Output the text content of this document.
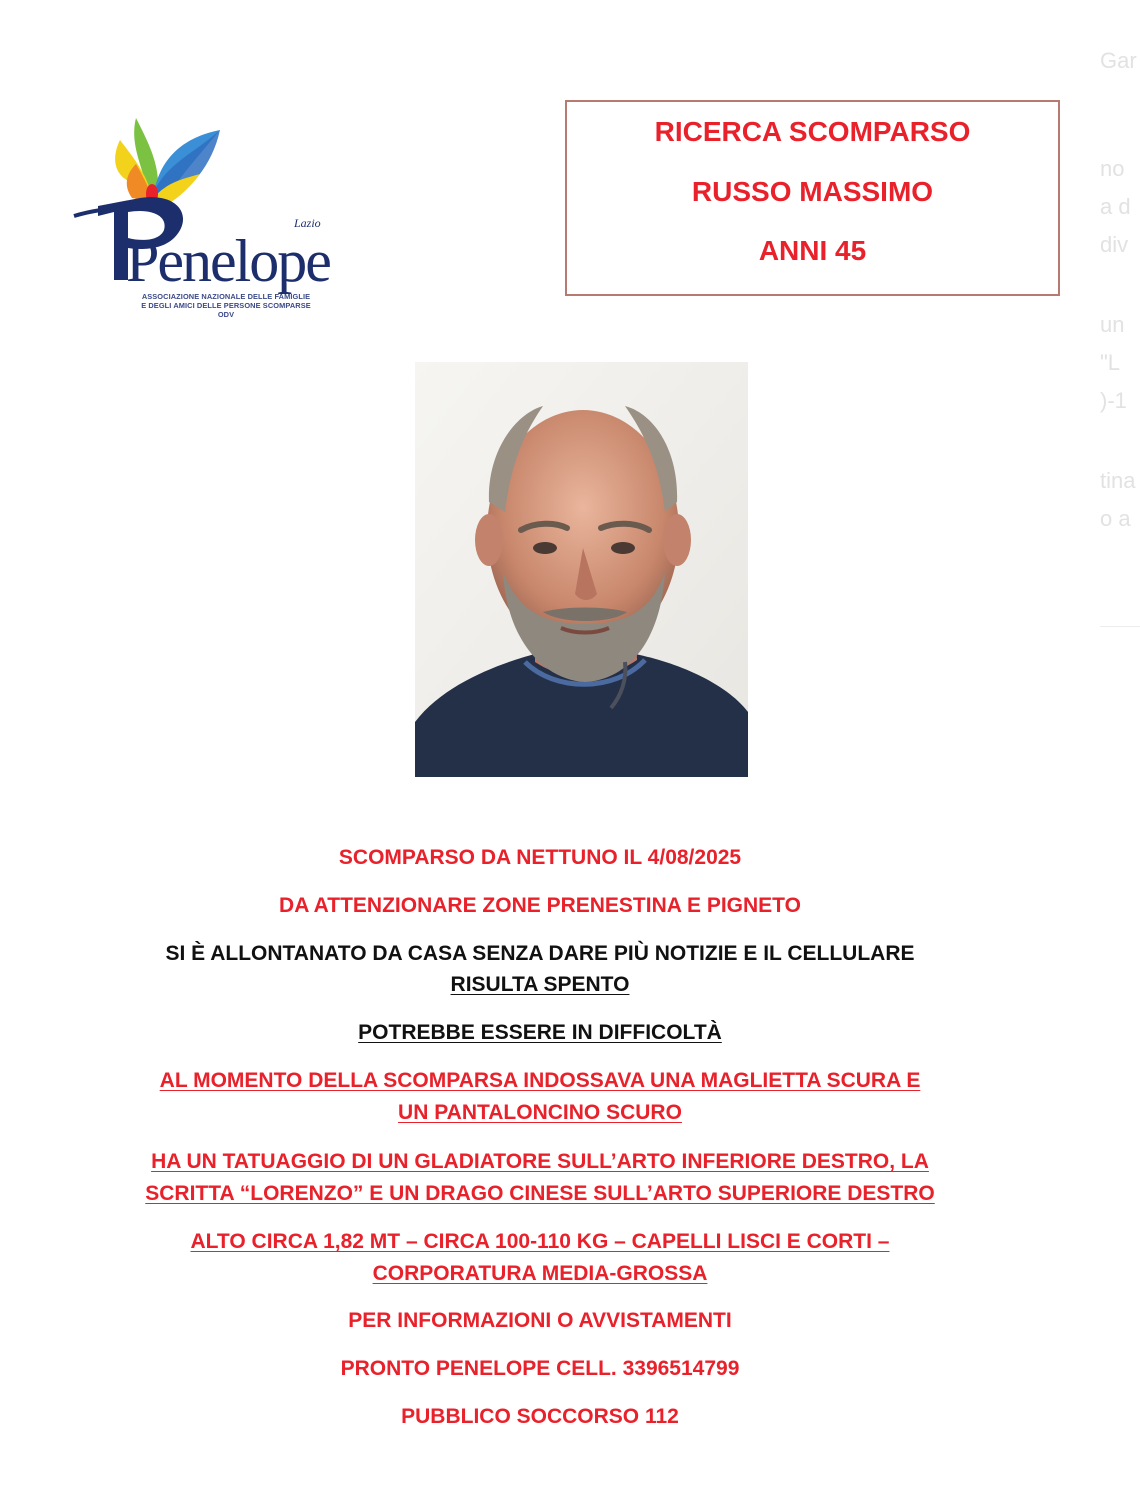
Gar
no
a d
div
un
"L
)-1
tina
o a
Penelope
Lazio
ASSOCIAZIONE NAZIONALE DELLE FAMIGLIE
E DEGLI AMICI DELLE PERSONE SCOMPARSE
ODV
RICERCA SCOMPARSO
RUSSO MASSIMO
ANNI 45
SCOMPARSO DA NETTUNO IL 4/08/2025
DA ATTENZIONARE ZONE PRENESTINA E PIGNETO
SI È ALLONTANATO DA CASA SENZA DARE PIÙ NOTIZIE E IL CELLULARE
RISULTA SPENTO
POTREBBE ESSERE IN DIFFICOLTÀ
AL MOMENTO DELLA SCOMPARSA INDOSSAVA UNA MAGLIETTA SCURA E
UN PANTALONCINO SCURO
HA UN TATUAGGIO DI UN GLADIATORE SULL’ARTO INFERIORE DESTRO, LA
SCRITTA “LORENZO” E UN DRAGO CINESE SULL’ARTO SUPERIORE DESTRO
ALTO CIRCA 1,82 MT – CIRCA 100-110 KG – CAPELLI LISCI E CORTI –
CORPORATURA MEDIA-GROSSA
PER INFORMAZIONI O AVVISTAMENTI
PRONTO PENELOPE CELL. 3396514799
PUBBLICO SOCCORSO 112
